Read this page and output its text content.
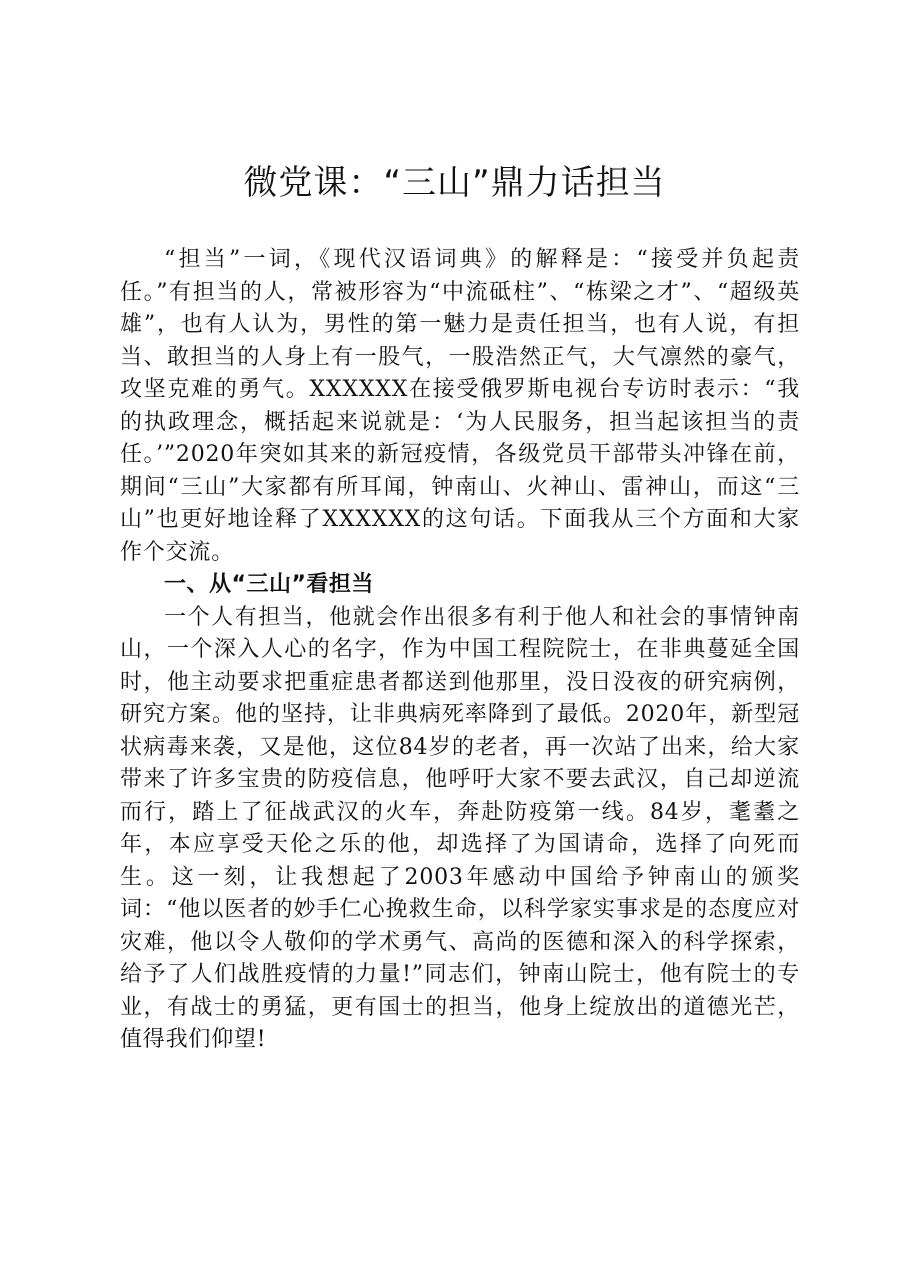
微党课：“三山”鼎力话担当

“担当”一词，《现代汉语词典》的解释是：“接受并负起责任。”有担当的人，常被形容为“中流砥柱”、“栋梁之才”、“超级英雄”，也有人认为，男性的第一魅力是责任担当，也有人说，有担当、敢担当的人身上有一股气，一股浩然正气，大气凛然的豪气，攻坚克难的勇气。XXXXXX在接受俄罗斯电视台专访时表示：“我的执政理念，概括起来说就是：‘为人民服务，担当起该担当的责任。’”2020年突如其来的新冠疫情，各级党员干部带头冲锋在前，期间“三山”大家都有所耳闻，钟南山、火神山、雷神山，而这“三山”也更好地诠释了XXXXXX的这句话。下面我从三个方面和大家作个交流。

一、从“三山”看担当

一个人有担当，他就会作出很多有利于他人和社会的事情钟南山，一个深入人心的名字，作为中国工程院院士，在非典蔓延全国时，他主动要求把重症患者都送到他那里，没日没夜的研究病例，研究方案。他的坚持，让非典病死率降到了最低。2020年，新型冠状病毒来袭，又是他，这位84岁的老者，再一次站了出来，给大家带来了许多宝贵的防疫信息，他呼吁大家不要去武汉，自己却逆流而行，踏上了征战武汉的火车，奔赴防疫第一线。84岁，耄耋之年，本应享受天伦之乐的他，却选择了为国请命，选择了向死而生。这一刻，让我想起了2003年感动中国给予钟南山的颁奖词：“他以医者的妙手仁心挽救生命，以科学家实事求是的态度应对灾难，他以令人敬仰的学术勇气、高尚的医德和深入的科学探索，给予了人们战胜疫情的力量!”同志们，钟南山院士，他有院士的专业，有战士的勇猛，更有国士的担当，他身上绽放出的道德光芒，值得我们仰望!
